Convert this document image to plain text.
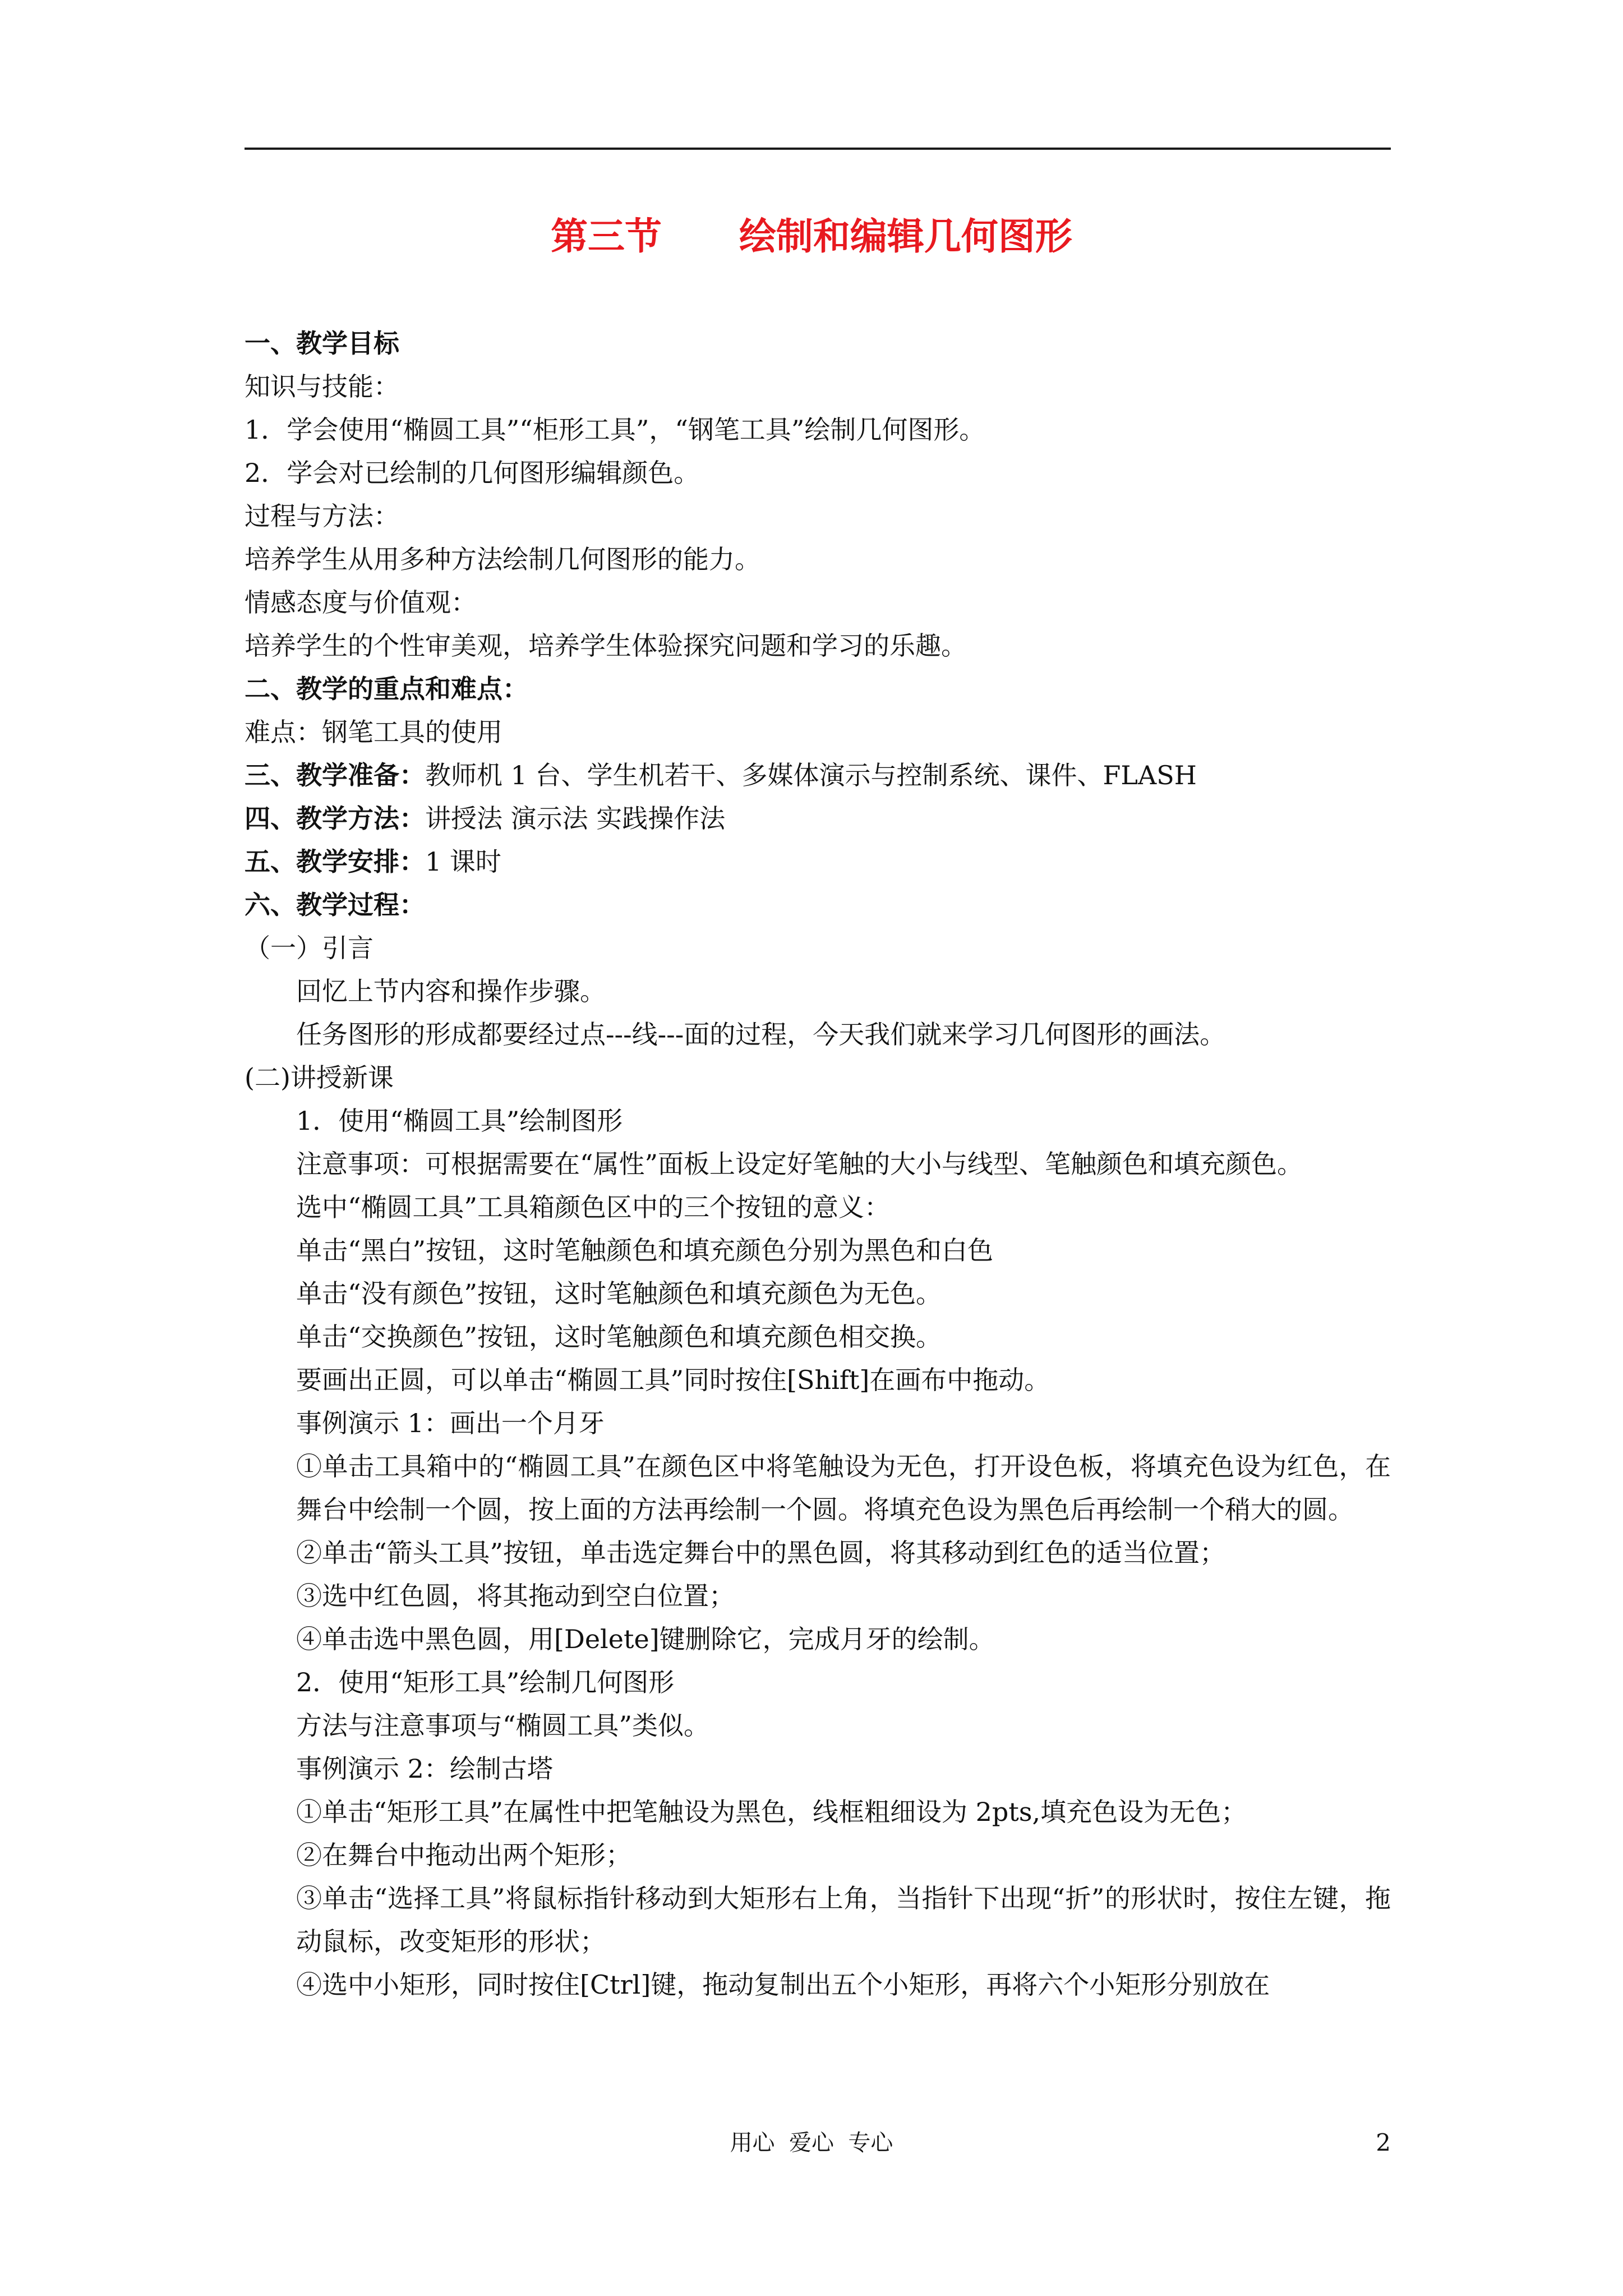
第三节      绘制和编辑几何图形

一、教学目标

知识与技能：

1．学会使用“椭圆工具”“柜形工具”，“钢笔工具”绘制几何图形。

2．学会对已绘制的几何图形编辑颜色。

过程与方法：

培养学生从用多种方法绘制几何图形的能力。

情感态度与价值观：

培养学生的个性审美观，培养学生体验探究问题和学习的乐趣。

二、教学的重点和难点：

难点：钢笔工具的使用

三、教学准备：教师机 1 台、学生机若干、多媒体演示与控制系统、课件、FLASH

四、教学方法：讲授法 演示法 实践操作法

五、教学安排：1 课时

六、教学过程：

（一）引言

回忆上节内容和操作步骤。

任务图形的形成都要经过点---线---面的过程，今天我们就来学习几何图形的画法。

(二)讲授新课

1．使用“椭圆工具”绘制图形

注意事项：可根据需要在“属性”面板上设定好笔触的大小与线型、笔触颜色和填充颜色。

选中“椭圆工具”工具箱颜色区中的三个按钮的意义：

单击“黑白”按钮，这时笔触颜色和填充颜色分别为黑色和白色

单击“没有颜色”按钮，这时笔触颜色和填充颜色为无色。

单击“交换颜色”按钮，这时笔触颜色和填充颜色相交换。

要画出正圆，可以单击“椭圆工具”同时按住[Shift]在画布中拖动。

事例演示 1：画出一个月牙

①单击工具箱中的“椭圆工具”在颜色区中将笔触设为无色，打开设色板，将填充色设为红色，在舞台中绘制一个圆，按上面的方法再绘制一个圆。将填充色设为黑色后再绘制一个稍大的圆。

②单击“箭头工具”按钮，单击选定舞台中的黑色圆，将其移动到红色的适当位置；

③选中红色圆，将其拖动到空白位置；

④单击选中黑色圆，用[Delete]键删除它，完成月牙的绘制。

2．使用“矩形工具”绘制几何图形

方法与注意事项与“椭圆工具”类似。

事例演示 2：绘制古塔

①单击“矩形工具”在属性中把笔触设为黑色，线框粗细设为 2pts,填充色设为无色；

②在舞台中拖动出两个矩形；

③单击“选择工具”将鼠标指针移动到大矩形右上角，当指针下出现“折”的形状时，按住左键，拖动鼠标，改变矩形的形状；

④选中小矩形，同时按住[Ctrl]键，拖动复制出五个小矩形，再将六个小矩形分别放在

用心  爱心  专心	2
